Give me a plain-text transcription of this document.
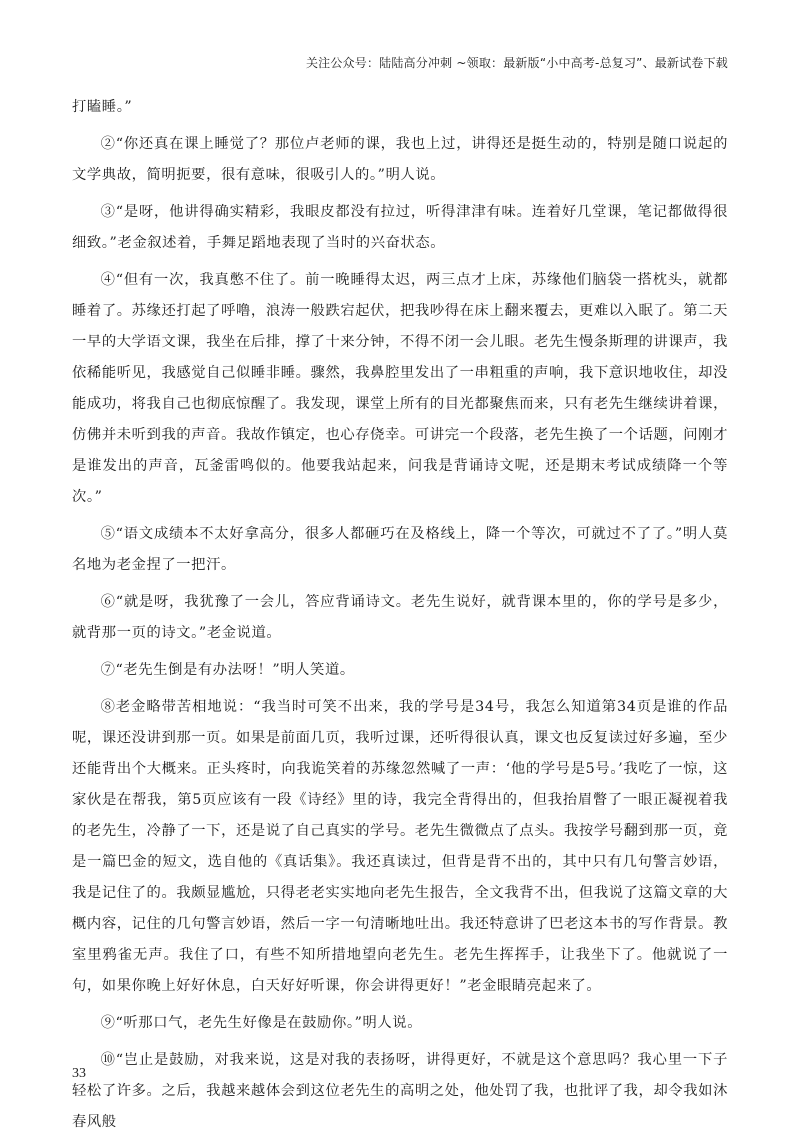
关注公众号：陆陆高分冲刺 ~领取：最新版“小中高考-总复习”、最新试卷下载

打瞌睡。”

②“你还真在课上睡觉了？那位卢老师的课，我也上过，讲得还是挺生动的，特别是随口说起的文学典故，简明扼要，很有意味，很吸引人的。”明人说。

③“是呀，他讲得确实精彩，我眼皮都没有拉过，听得津津有味。连着好几堂课，笔记都做得很细致。”老金叙述着，手舞足蹈地表现了当时的兴奋状态。

④“但有一次，我真憋不住了。前一晚睡得太迟，两三点才上床，苏缘他们脑袋一搭枕头，就都睡着了。苏缘还打起了呼噜，浪涛一般跌宕起伏，把我吵得在床上翻来覆去，更难以入眠了。第二天一早的大学语文课，我坐在后排，撑了十来分钟，不得不闭一会儿眼。老先生慢条斯理的讲课声，我依稀能听见，我感觉自己似睡非睡。骤然，我鼻腔里发出了一串粗重的声响，我下意识地收住，却没能成功，将我自己也彻底惊醒了。我发现，课堂上所有的目光都聚焦而来，只有老先生继续讲着课，仿佛并未听到我的声音。我故作镇定，也心存侥幸。可讲完一个段落，老先生换了一个话题，问刚才是谁发出的声音，瓦釜雷鸣似的。他要我站起来，问我是背诵诗文呢，还是期末考试成绩降一个等次。”

⑤“语文成绩本不太好拿高分，很多人都砸巧在及格线上，降一个等次，可就过不了了。”明人莫名地为老金捏了一把汗。

⑥“就是呀，我犹豫了一会儿，答应背诵诗文。老先生说好，就背课本里的，你的学号是多少，就背那一页的诗文。”老金说道。

⑦“老先生倒是有办法呀！”明人笑道。

⑧老金略带苦相地说：“我当时可笑不出来，我的学号是34号，我怎么知道第34页是谁的作品呢，课还没讲到那一页。如果是前面几页，我听过课，还听得很认真，课文也反复读过好多遍，至少还能背出个大概来。正头疼时，向我诡笑着的苏缘忽然喊了一声：‘他的学号是5号。’我吃了一惊，这家伙是在帮我，第5页应该有一段《诗经》里的诗，我完全背得出的，但我抬眉瞥了一眼正凝视着我的老先生，冷静了一下，还是说了自己真实的学号。老先生微微点了点头。我按学号翻到那一页，竟是一篇巴金的短文，选自他的《真话集》。我还真读过，但背是背不出的，其中只有几句警言妙语，我是记住了的。我颇显尴尬，只得老老实实地向老先生报告，全文我背不出，但我说了这篇文章的大概内容，记住的几句警言妙语，然后一字一句清晰地吐出。我还特意讲了巴老这本书的写作背景。教室里鸦雀无声。我住了口，有些不知所措地望向老先生。老先生挥挥手，让我坐下了。他就说了一句，如果你晚上好好休息，白天好好听课，你会讲得更好！”老金眼睛亮起来了。

⑨“听那口气，老先生好像是在鼓励你。”明人说。

⑩“岂止是鼓励，对我来说，这是对我的表扬呀，讲得更好，不就是这个意思吗？我心里一下子轻松了许多。之后，我越来越体会到这位老先生的高明之处，他处罚了我，也批评了我，却令我如沐春风般

33
